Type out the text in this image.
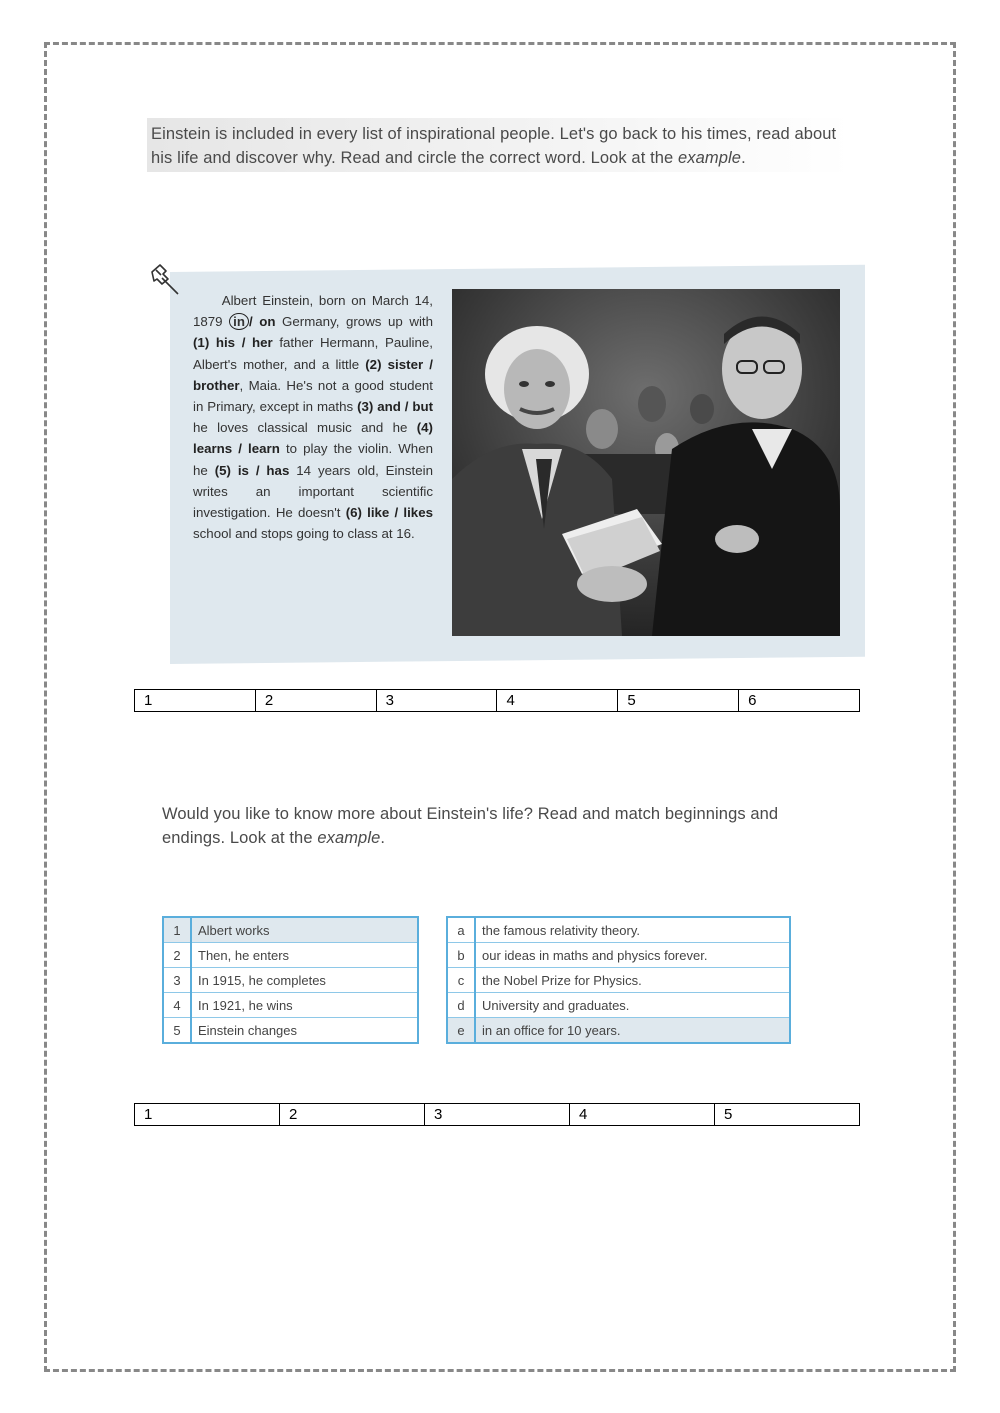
Einstein is included in every list of inspirational people. Let's go back to his times, read about his life and discover why. Read and circle the correct word. Look at the example.
Albert Einstein, born on March 14, 1879 in / on Germany, grows up with (1) his / her father Hermann, Pauline, Albert's mother, and a little (2) sister / brother, Maia. He's not a good student in Primary, except in maths (3) and / but he loves classical music and he (4) learns / learn to play the violin. When he (5) is / has 14 years old, Einstein writes an important scientific investigation. He doesn't (6) like / likes school and stops going to class at 16.
1	2	3	4	5	6
Would you like to know more about Einstein's life? Read and match beginnings and endings. Look at the example.
1	Albert works
2	Then, he enters
3	In 1915, he completes
4	In 1921, he wins
5	Einstein changes
a	the famous relativity theory.
b	our ideas in maths and physics forever.
c	the Nobel Prize for Physics.
d	University and graduates.
e	in an office for 10 years.
1	2	3	4	5
